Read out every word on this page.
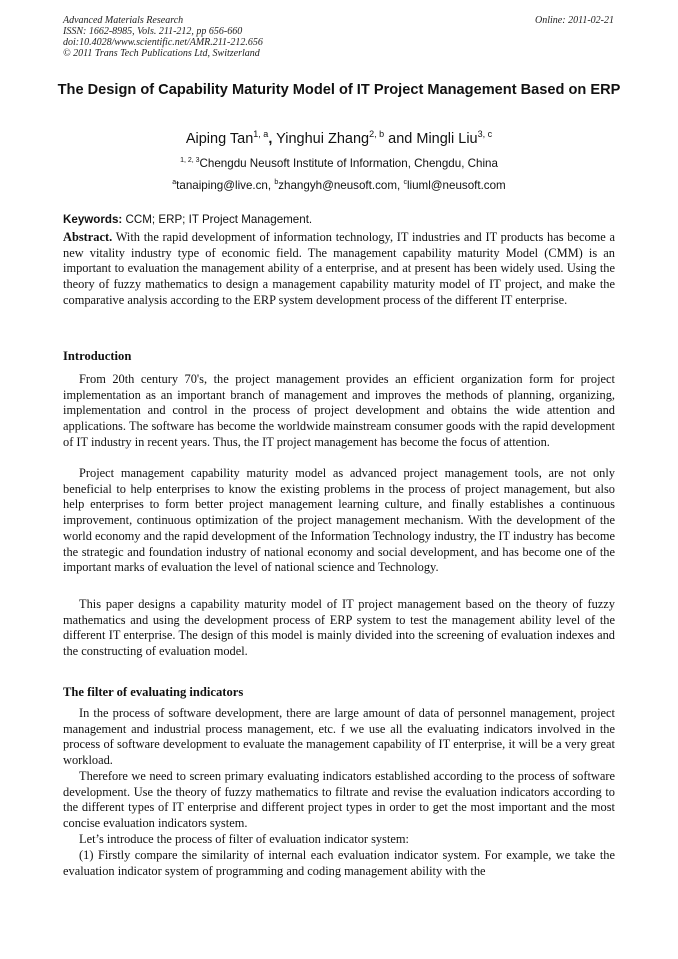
Advanced Materials Research

ISSN: 1662-8985, Vols. 211-212, pp 656-660

doi:10.4028/www.scientific.net/AMR.211-212.656

© 2011 Trans Tech Publications Ltd, Switzerland

Online: 2011-02-21

The Design of Capability Maturity Model of IT Project Management Based on ERP

Aiping Tan$^{1, a}$, Yinghui Zhang$^{2, b}$ and Mingli Liu$^{3, c}$

$^{1, 2, 3}$Chengdu Neusoft Institute of Information, Chengdu, China

$^a$tanaiping@live.cn, $^b$zhangyh@neusoft.com, $^c$liuml@neusoft.com

Keywords: CCM; ERP; IT Project Management.

Abstract. With the rapid development of information technology, IT industries and IT products has become a new vitality industry type of economic field. The management capability maturity Model (CMM) is an important to evaluation the management ability of a enterprise, and at present has been widely used. Using the theory of fuzzy mathematics to design a management capability maturity model of IT project, and make the comparative analysis according to the ERP system development process of the different IT enterprise.

Introduction

From 20th century 70's, the project management provides an efficient organization form for project implementation as an important branch of management and improves the methods of planning, organizing, implementation and control in the process of project development and obtains the wide attention and applications. The software has become the worldwide mainstream consumer goods with the rapid development of IT industry in recent years. Thus, the IT project management has become the focus of attention.

Project management capability maturity model as advanced project management tools, are not only beneficial to help enterprises to know the existing problems in the process of project management, but also help enterprises to form better project management learning culture, and finally establishes a continuous improvement, continuous optimization of the project management mechanism. With the development of the world economy and the rapid development of the Information Technology industry, the IT industry has become the strategic and foundation industry of national economy and social development, and has become one of the important marks of evaluation the level of national science and Technology.

This paper designs a capability maturity model of IT project management based on the theory of fuzzy mathematics and using the development process of ERP system to test the management ability level of the different IT enterprise. The design of this model is mainly divided into the screening of evaluation indexes and the constructing of evaluation model.

The filter of evaluating indicators

In the process of software development, there are large amount of data of personnel management, project management and industrial process management, etc. f we use all the evaluating indicators involved in the process of software development to evaluate the management capability of IT enterprise, it will be a very great workload.

Therefore we need to screen primary evaluating indicators established according to the process of software development. Use the theory of fuzzy mathematics to filtrate and revise the evaluation indicators according to the different types of IT enterprise and different project types in order to get the most important and the most concise evaluation indicators system.

Let’s introduce the process of filter of evaluation indicator system:

(1) Firstly compare the similarity of internal each evaluation indicator system. For example, we take the evaluation indicator system of programming and coding management ability with the
